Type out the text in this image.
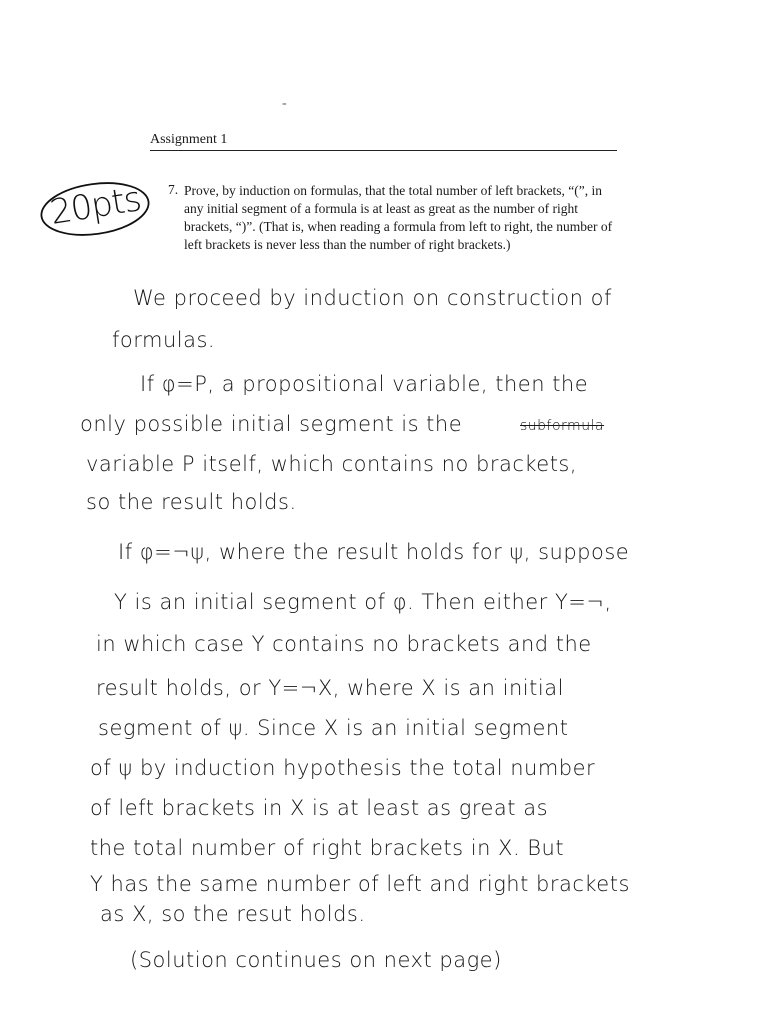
-
Assignment 1
20pts 7. Prove, by induction on formulas, that the total number of left brackets, “(”, in any initial segment of a formula is at least as great as the number of right brackets, “)”. (That is, when reading a formula from left to right, the number of left brackets is never less than the number of right brackets.)
We proceed by induction on construction of
formulas.
If φ=P, a propositional variable, then the
only possible initial segment is the	subformula
variable P itself, which contains no brackets,
so the result holds.
If φ=¬ψ, where the result holds for ψ, suppose
Y is an initial segment of φ. Then either Y=¬,
in which case Y contains no brackets and the
result holds, or Y=¬X, where X is an initial
segment of ψ. Since X is an initial segment
of ψ by induction hypothesis the total number
of left brackets in X is at least as great as
the total number of right brackets in X. But
Y has the same number of left and right brackets
as X, so the resut holds.
(Solution continues on next page)
